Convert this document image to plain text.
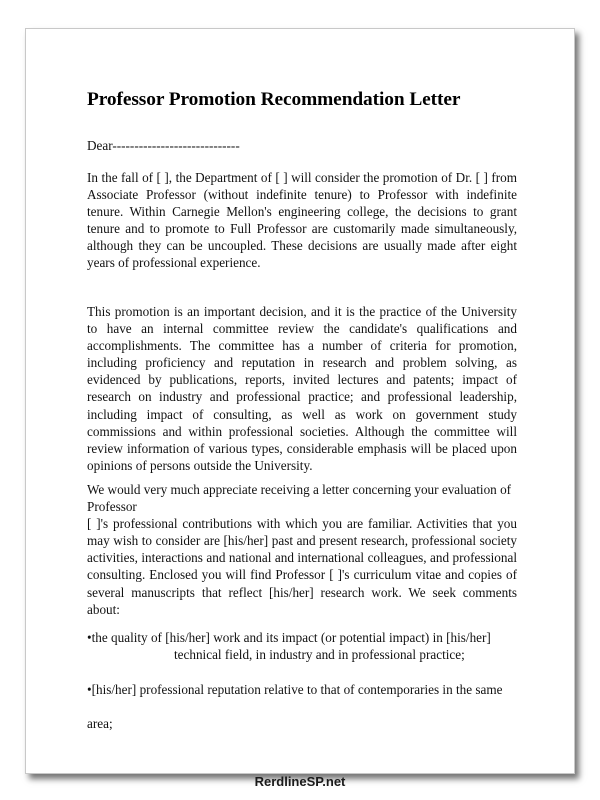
Professor Promotion Recommendation Letter
Dear-----------------------------
In the fall of [ ], the Department of [ ] will consider the promotion of Dr. [ ] from Associate Professor (without indefinite tenure) to Professor with indefinite tenure. Within Carnegie Mellon's engineering college, the decisions to grant tenure and to promote to Full Professor are customarily made simultaneously, although they can be uncoupled. These decisions are usually made after eight years of professional experience.
This promotion is an important decision, and it is the practice of the University to have an internal committee review the candidate's qualifications and accomplishments. The committee has a number of criteria for promotion, including proficiency and reputation in research and problem solving, as evidenced by publications, reports, invited lectures and patents; impact of research on industry and professional practice; and professional leadership, including impact of consulting, as well as work on government study commissions and within professional societies. Although the committee will review information of various types, considerable emphasis will be placed upon opinions of persons outside the University.
We would very much appreciate receiving a letter concerning your evaluation of Professor
[ ]'s professional contributions with which you are familiar. Activities that you may wish to consider are [his/her] past and present research, professional society activities, interactions and national and international colleagues, and professional consulting. Enclosed you will find Professor [ ]'s curriculum vitae and copies of several manuscripts that reflect [his/her] research work. We seek comments about:
•the quality of [his/her] work and its impact (or potential impact) in [his/her]
technical field, in industry and in professional practice;
•[his/her] professional reputation relative to that of contemporaries in the same
area;
RerdlineSP.net
